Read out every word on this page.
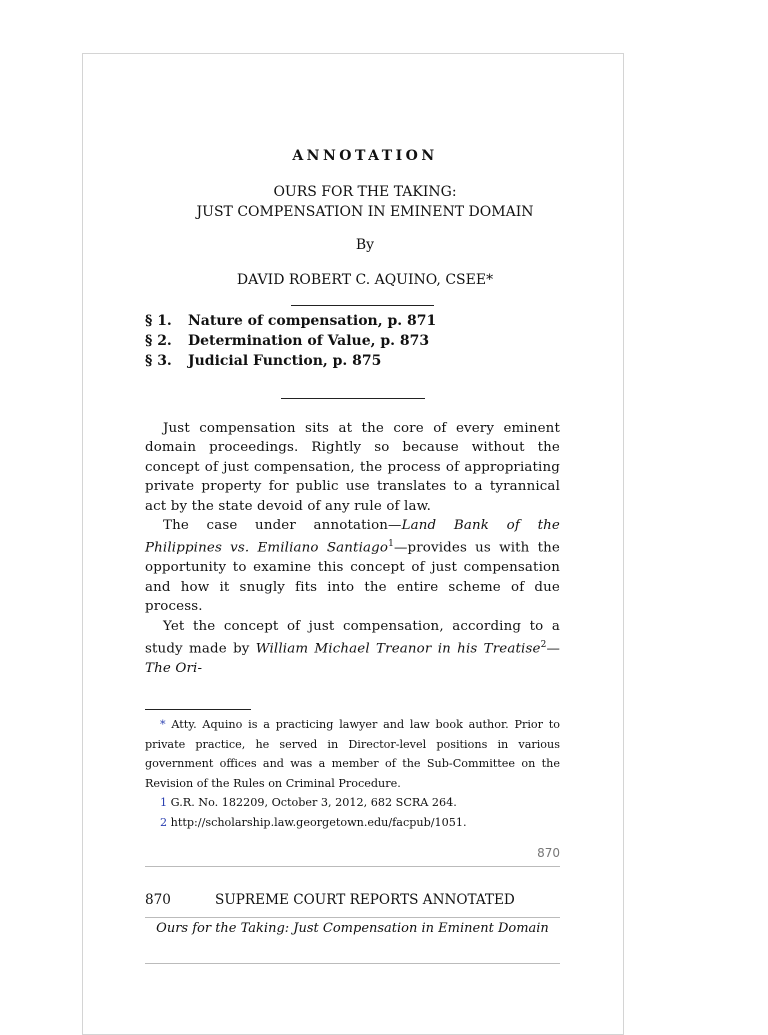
ANNOTATION
OURS FOR THE TAKING:
JUST COMPENSATION IN EMINENT DOMAIN
By
DAVID ROBERT C. AQUINO, CSEE*
§ 1.	Nature of compensation, p. 871
§ 2.	Determination of Value, p. 873
§ 3.	Judicial Function, p. 875

Just compensation sits at the core of every eminent domain proceedings. Rightly so because without the concept of just compensation, the process of appropriating private property for public use translates to a tyrannical act by the state devoid of any rule of law.

The case under annotation—Land Bank of the Philippines vs. Emiliano Santiago$^1$—provides us with the opportunity to examine this concept of just compensation and how it snugly fits into the entire scheme of due process.

Yet the concept of just compensation, according to a study made by William Michael Treanor in his Treatise$^2$—The Ori-

* Atty. Aquino is a practicing lawyer and law book author. Prior to private practice, he served in Director-level positions in various government offices and was a member of the Sub-Committee on the Revision of the Rules on Criminal Procedure.

1 G.R. No. 182209, October 3, 2012, 682 SCRA 264.

2 http://scholarship.law.georgetown.edu/facpub/1051.

870
870	SUPREME COURT REPORTS ANNOTATED
Ours for the Taking: Just Compensation in Eminent Domain
